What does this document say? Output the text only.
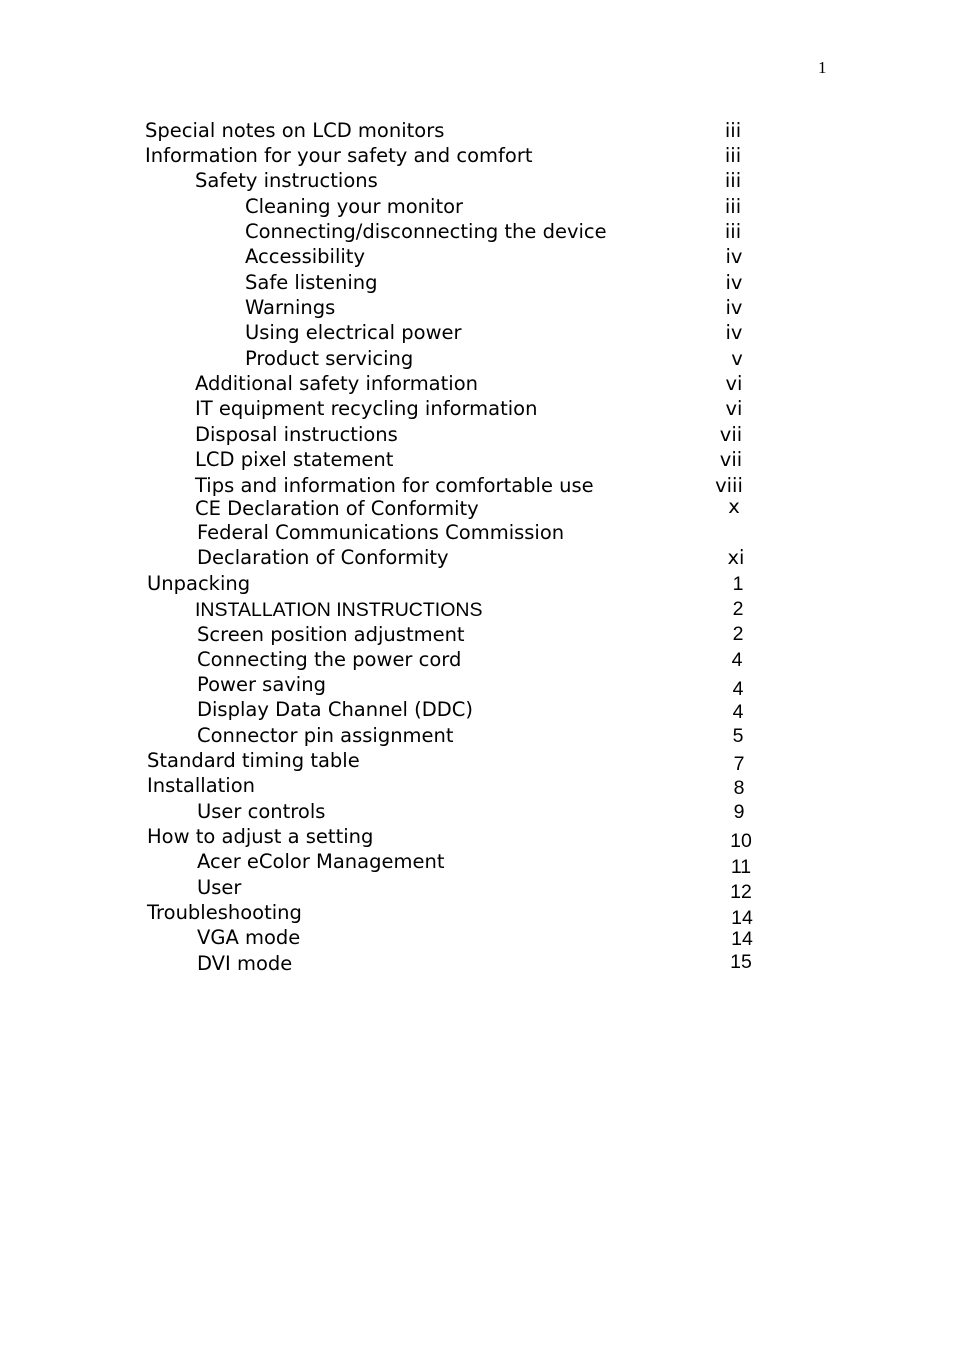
1
Special notes on LCD monitors	iii
Information for your safety and comfort	iii
Safety instructions	iii
Cleaning your monitor	iii
Connecting/disconnecting the device	iii
Accessibility	iv
Safe listening	iv
Warnings	iv
Using electrical power	iv
Product servicing	v
Additional safety information	vi
IT equipment recycling information	vi
Disposal instructions	vii
LCD pixel statement	vii
Tips and information for comfortable use	viii
CE Declaration of Conformity	x
Federal Communications Commission
Declaration of Conformity	xi
Unpacking	1
INSTALLATION INSTRUCTIONS	2
Screen position adjustment	2
Connecting the power cord	4
Power saving	4
Display Data Channel (DDC)	4
Connector pin assignment	5
Standard timing table	7
Installation	8
User controls	9
How to adjust a setting	10
Acer eColor Management	11
User	12
Troubleshooting	14
VGA mode	14
DVI mode	15
